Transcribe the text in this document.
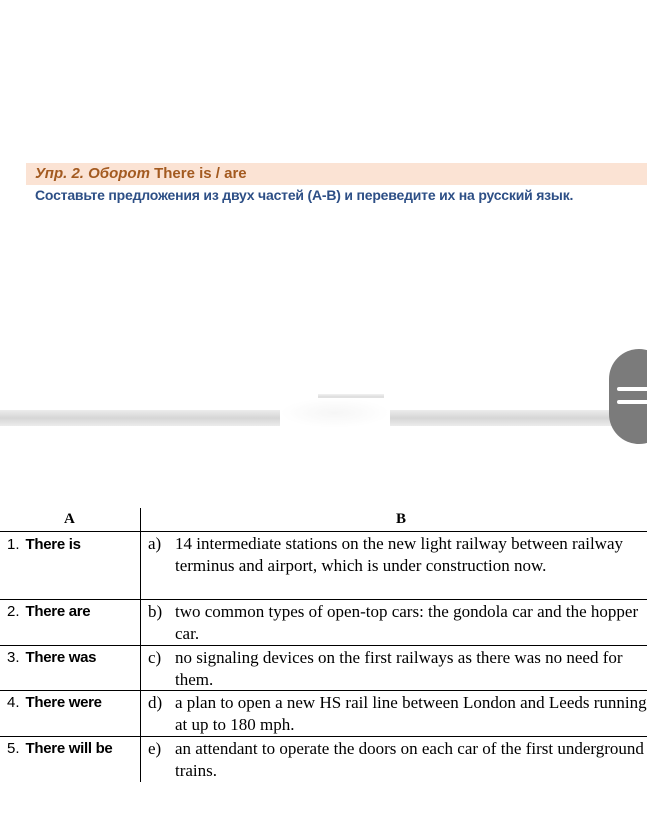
Упр. 2. Оборот There is / are
Составьте предложения из двух частей (А-В) и переведите их на русский язык.
A	B
1. There is	a) 14 intermediate stations on the new light railway between railway terminus and airport, which is under construction now.
2. There are	b) two common types of open-top cars: the gondola car and the hopper car.
3. There was	c) no signaling devices on the first railways as there was no need for them.
4. There were	d) a plan to open a new HS rail line between London and Leeds running at up to 180 mph.
5. There will be e) an attendant to operate the doors on each car of the first underground trains.
